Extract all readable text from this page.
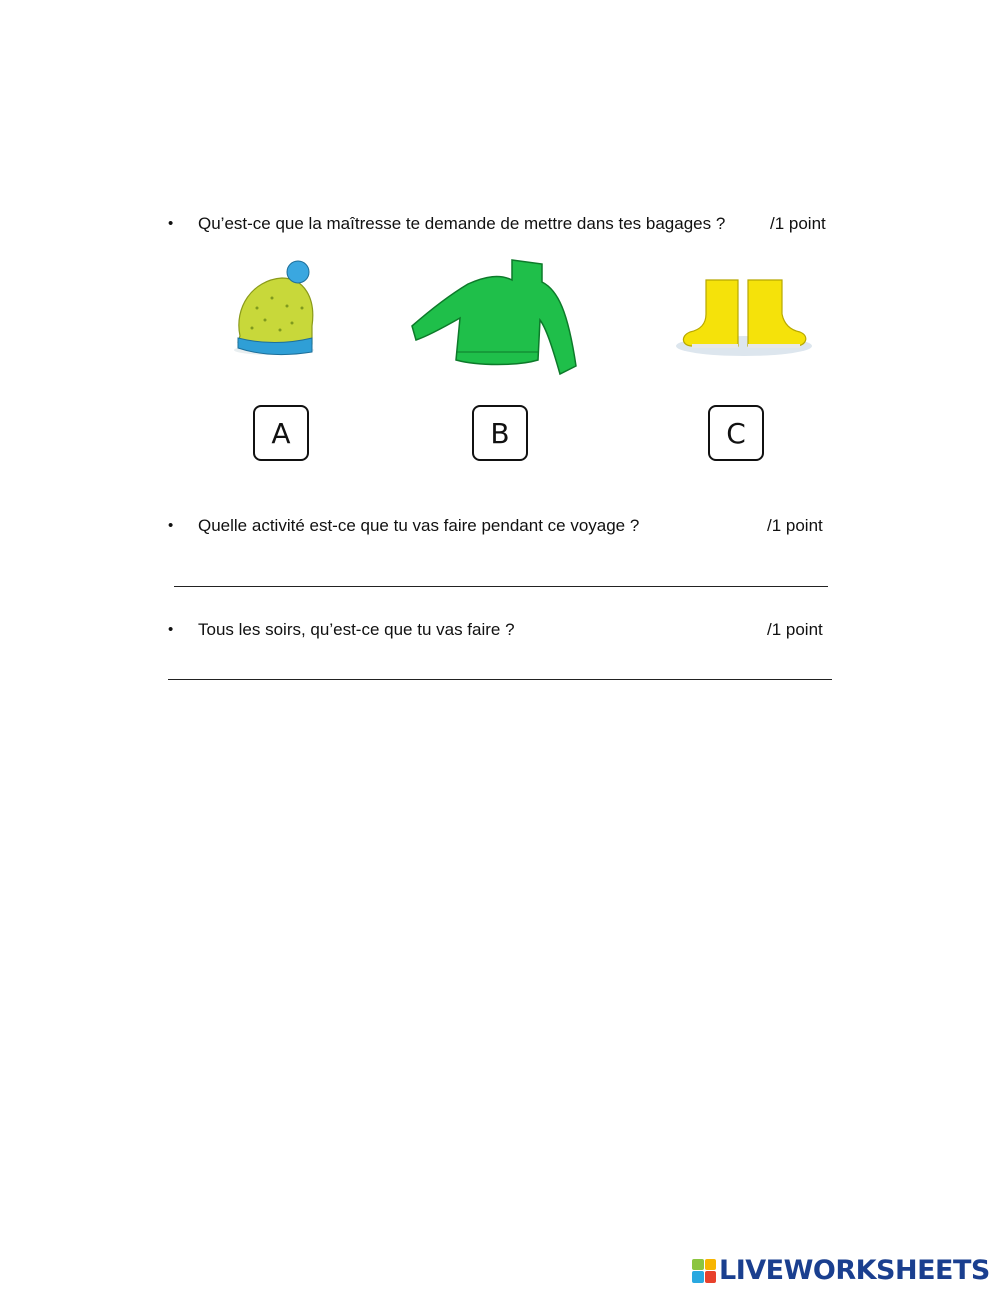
• Qu’est-ce que la maîtresse te demande de mettre dans tes bagages ?	/1 point
A	B	C
• Quelle activité est-ce que tu vas faire pendant ce voyage ?	/1 point
• Tous les soirs, qu’est-ce que tu vas faire ?	/1 point
LIVEWORKSHEETS
